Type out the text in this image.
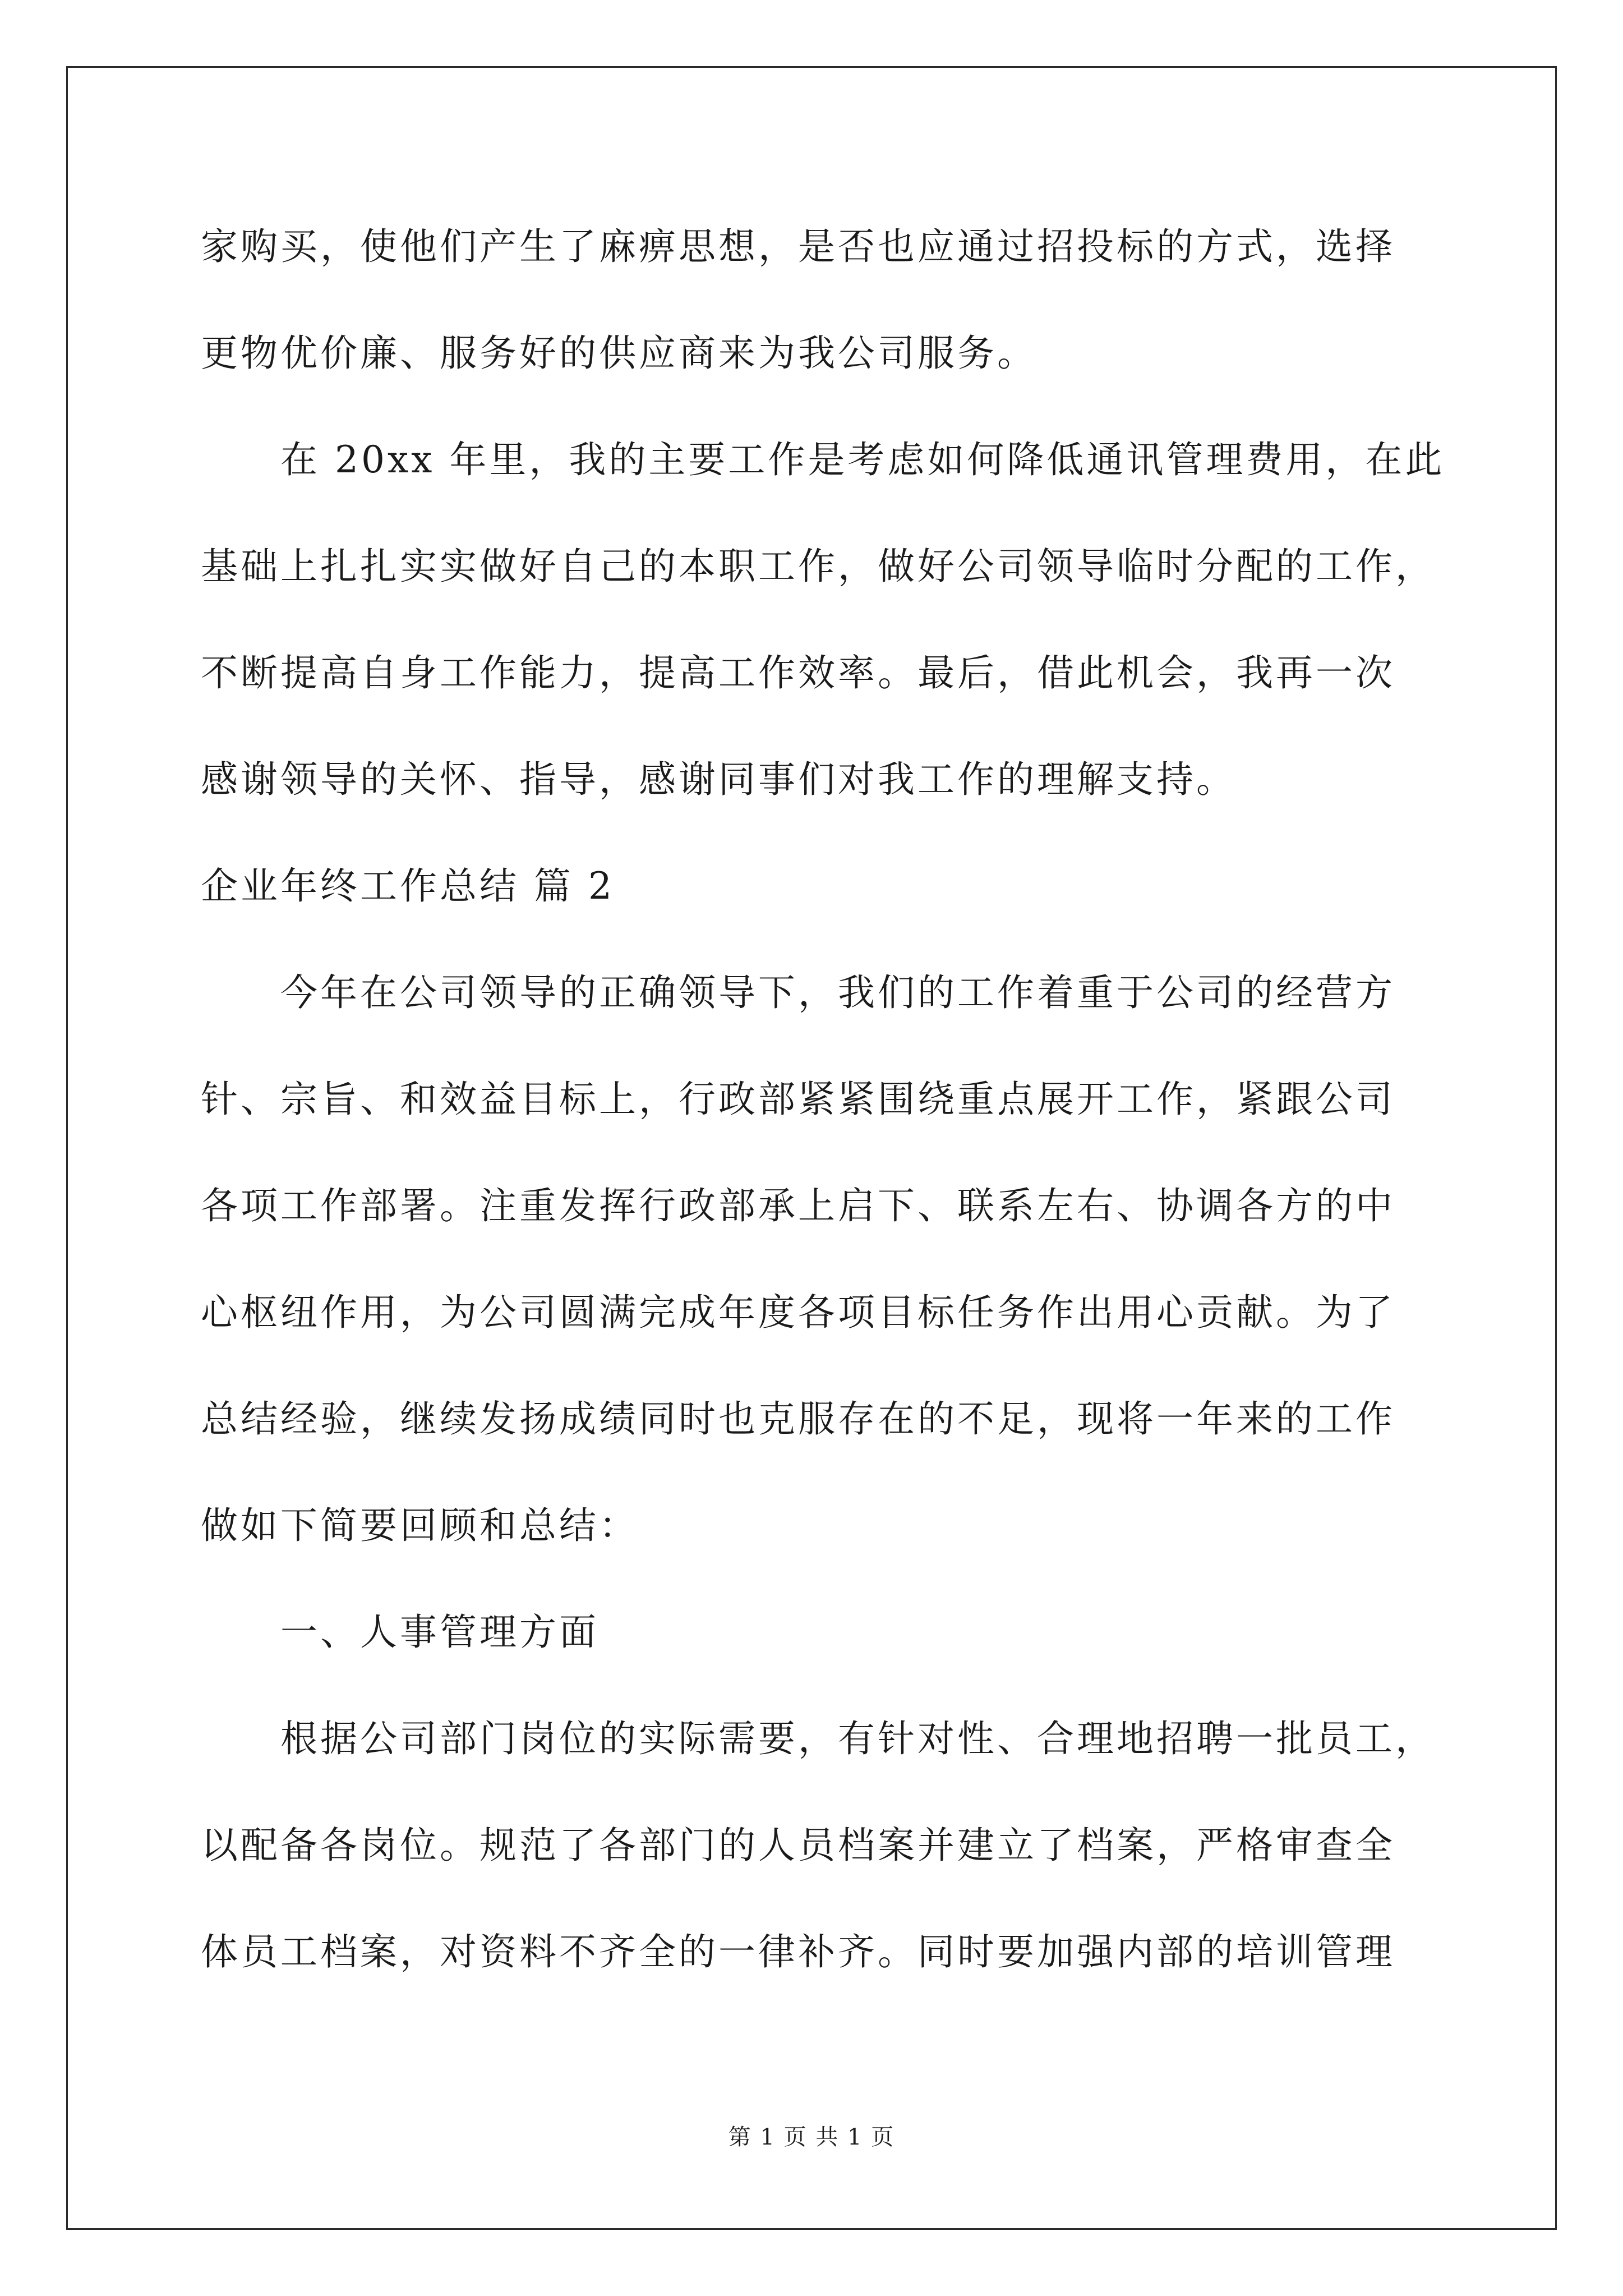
家购买，使他们产生了麻痹思想，是否也应通过招投标的方式，选择
更物优价廉、服务好的供应商来为我公司服务。
在 20xx 年里，我的主要工作是考虑如何降低通讯管理费用，在此
基础上扎扎实实做好自己的本职工作，做好公司领导临时分配的工作，
不断提高自身工作能力，提高工作效率。最后，借此机会，我再一次
感谢领导的关怀、指导，感谢同事们对我工作的理解支持。
企业年终工作总结 篇 2
今年在公司领导的正确领导下，我们的工作着重于公司的经营方
针、宗旨、和效益目标上，行政部紧紧围绕重点展开工作，紧跟公司
各项工作部署。注重发挥行政部承上启下、联系左右、协调各方的中
心枢纽作用，为公司圆满完成年度各项目标任务作出用心贡献。为了
总结经验，继续发扬成绩同时也克服存在的不足，现将一年来的工作
做如下简要回顾和总结：
一、人事管理方面
根据公司部门岗位的实际需要，有针对性、合理地招聘一批员工，
以配备各岗位。规范了各部门的人员档案并建立了档案，严格审查全
体员工档案，对资料不齐全的一律补齐。同时要加强内部的培训管理
第 1 页 共 1 页
